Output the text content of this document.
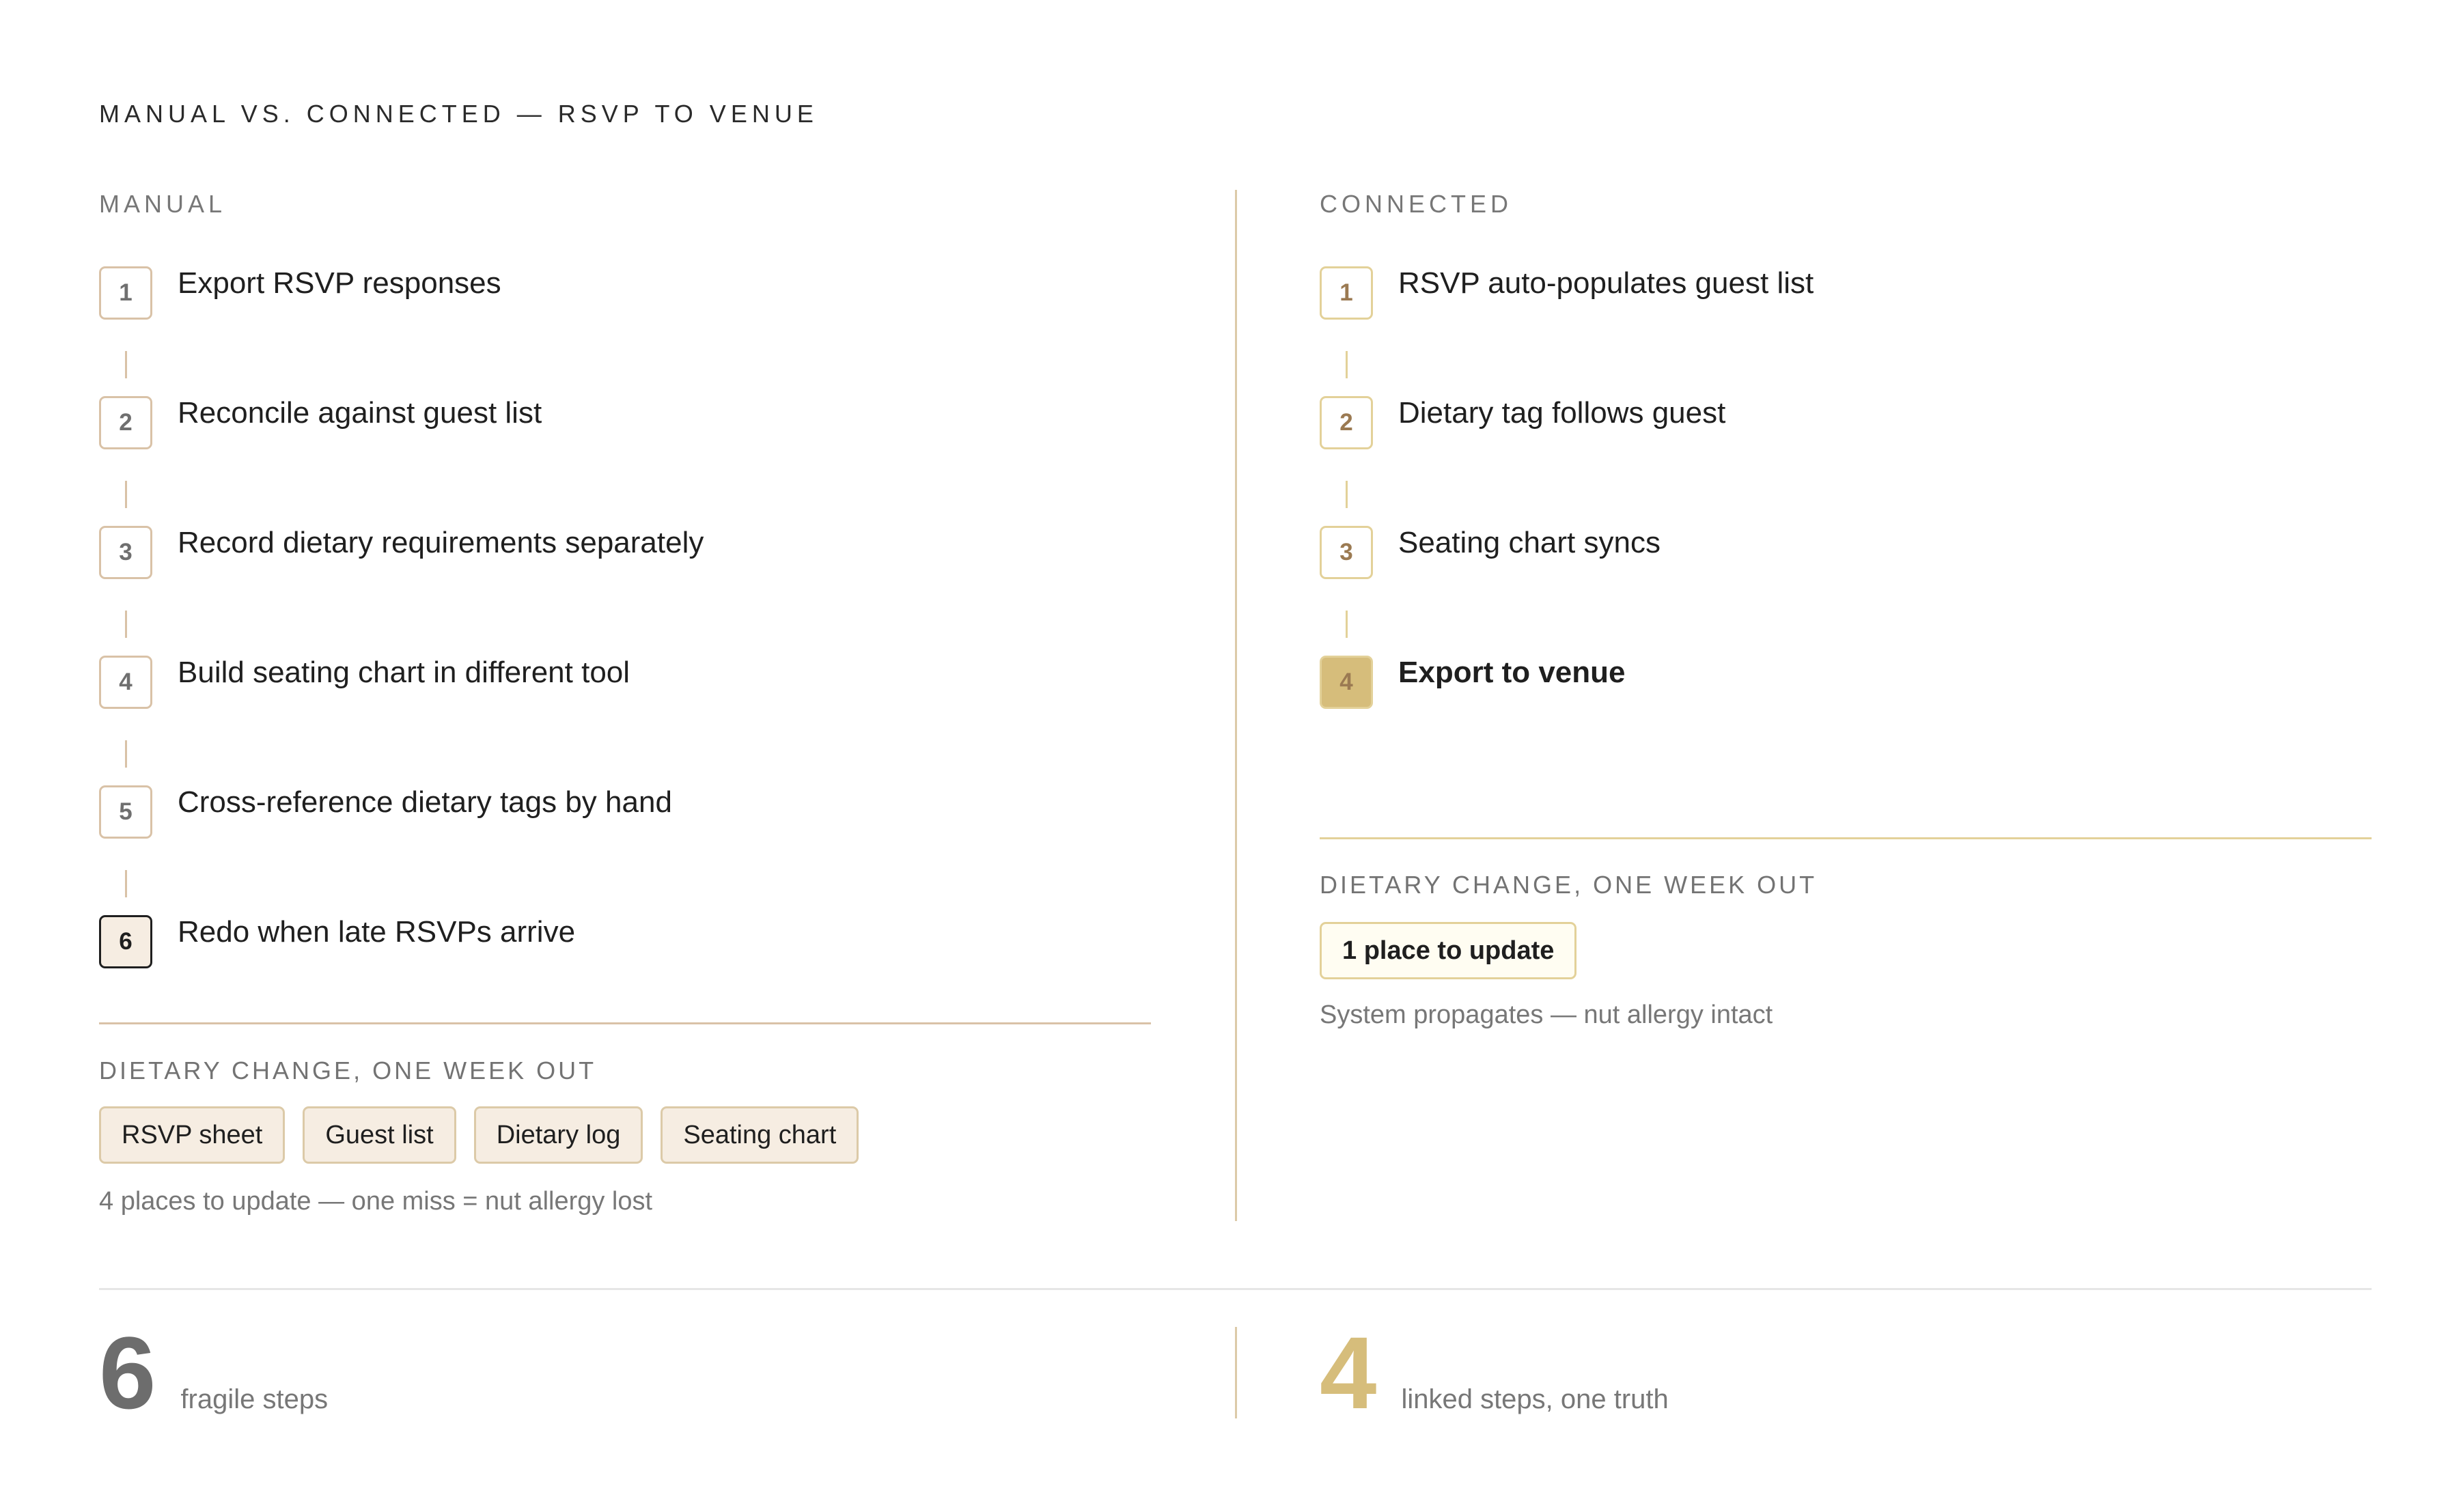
MANUAL VS. CONNECTED — RSVP TO VENUE
MANUAL
1	Export RSVP responses
2	Reconcile against guest list
3	Record dietary requirements separately
4	Build seating chart in different tool
5	Cross-reference dietary tags by hand
6	Redo when late RSVPs arrive
CONNECTED
1	RSVP auto-populates guest list
2	Dietary tag follows guest
3	Seating chart syncs
4	Export to venue
DIETARY CHANGE, ONE WEEK OUT
RSVP sheet	Guest list	Dietary log	Seating chart
4 places to update — one miss = nut allergy lost
DIETARY CHANGE, ONE WEEK OUT
1 place to update
System propagates — nut allergy intact
6 fragile steps	4 linked steps, one truth
